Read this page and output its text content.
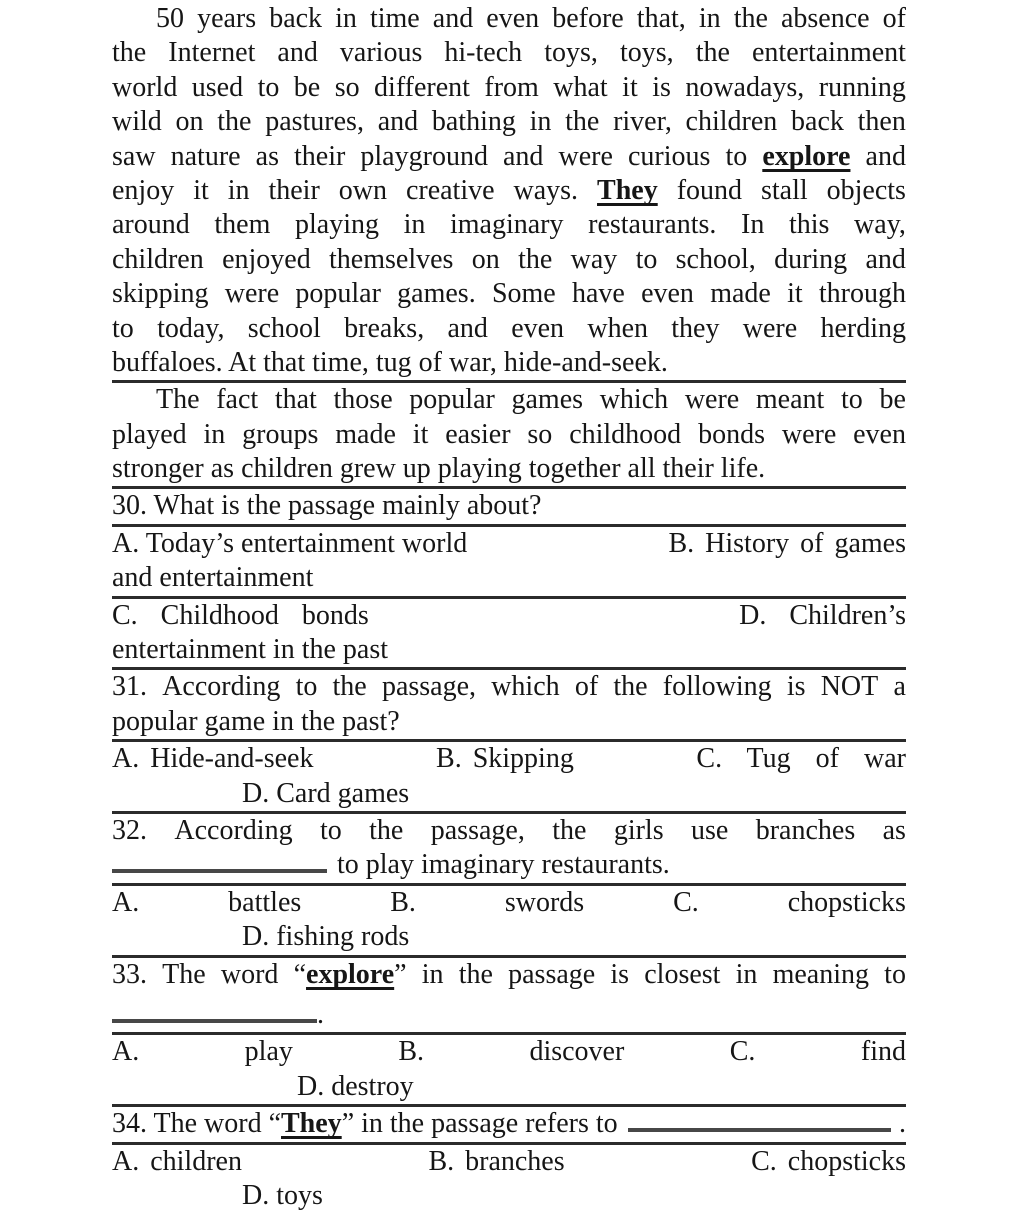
50 years back in time and even before that, in the absence of
the Internet and various hi-tech toys, toys, the entertainment
world used to be so different from what it is nowadays, running
wild on the pastures, and bathing in the river, children back then
saw nature as their playground and were curious to explore and
enjoy it in their own creative ways. They found stall objects
around them playing in imaginary restaurants. In this way,
children enjoyed themselves on the way to school, during and
skipping were popular games. Some have even made it through
to today, school breaks, and even when they were herding
buffaloes. At that time, tug of war, hide-and-seek.
The fact that those popular games which were meant to be
played in groups made it easier so childhood bonds were even
stronger as children grew up playing together all their life.
30. What is the passage mainly about?
A. Today’s entertainment world	B. History of games
and entertainment
C. Childhood bonds	D. Children’s
entertainment in the past
31. According to the passage, which of the following is NOT a
popular game in the past?
A. Hide-and-seek	B. Skipping	C. Tug of war
D. Card games
32. According to the passage, the girls use branches as
to play imaginary restaurants.
A.	battles	B.	swords	C.	chopsticks
D. fishing rods
33. The word “explore” in the passage is closest in meaning to
.
A.	play	B.	discover	C.	find
D. destroy
34. The word “ They ” in the passage refers to	.
A. children	B. branches	C. chopsticks
D. toys
